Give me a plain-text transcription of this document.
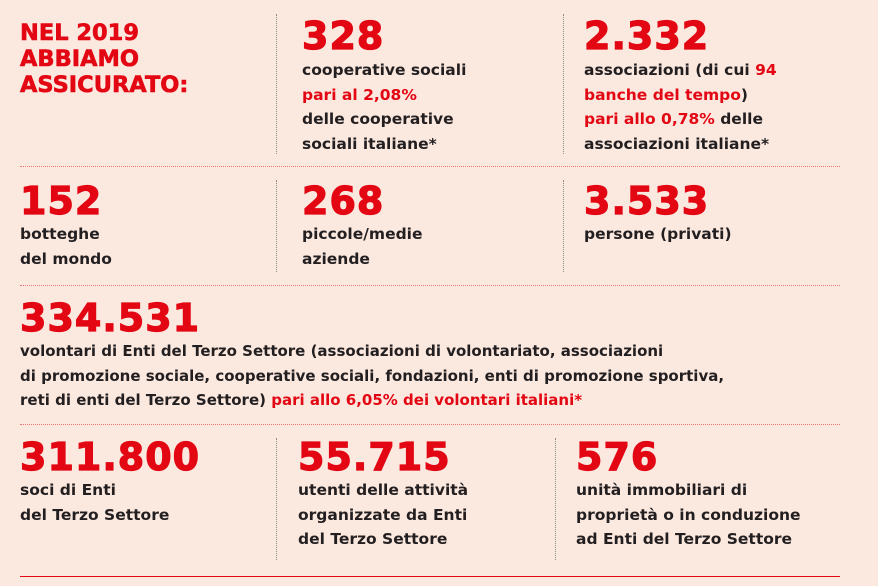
NEL 2019
ABBIAMO
ASSICURATO:
328
cooperative sociali
pari al 2,08%
delle cooperative
sociali italiane*
2.332
associazioni (di cui 94
banche del tempo)
pari allo 0,78% delle
associazioni italiane*
152
botteghe
del mondo
268
piccole/medie
aziende
3.533
persone (privati)
334.531
volontari di Enti del Terzo Settore (associazioni di volontariato, associazioni
di promozione sociale, cooperative sociali, fondazioni, enti di promozione sportiva,
reti di enti del Terzo Settore) pari allo 6,05% dei volontari italiani*
311.800
soci di Enti
del Terzo Settore
55.715
utenti delle attività
organizzate da Enti
del Terzo Settore
576
unità immobiliari di
proprietà o in conduzione
ad Enti del Terzo Settore
